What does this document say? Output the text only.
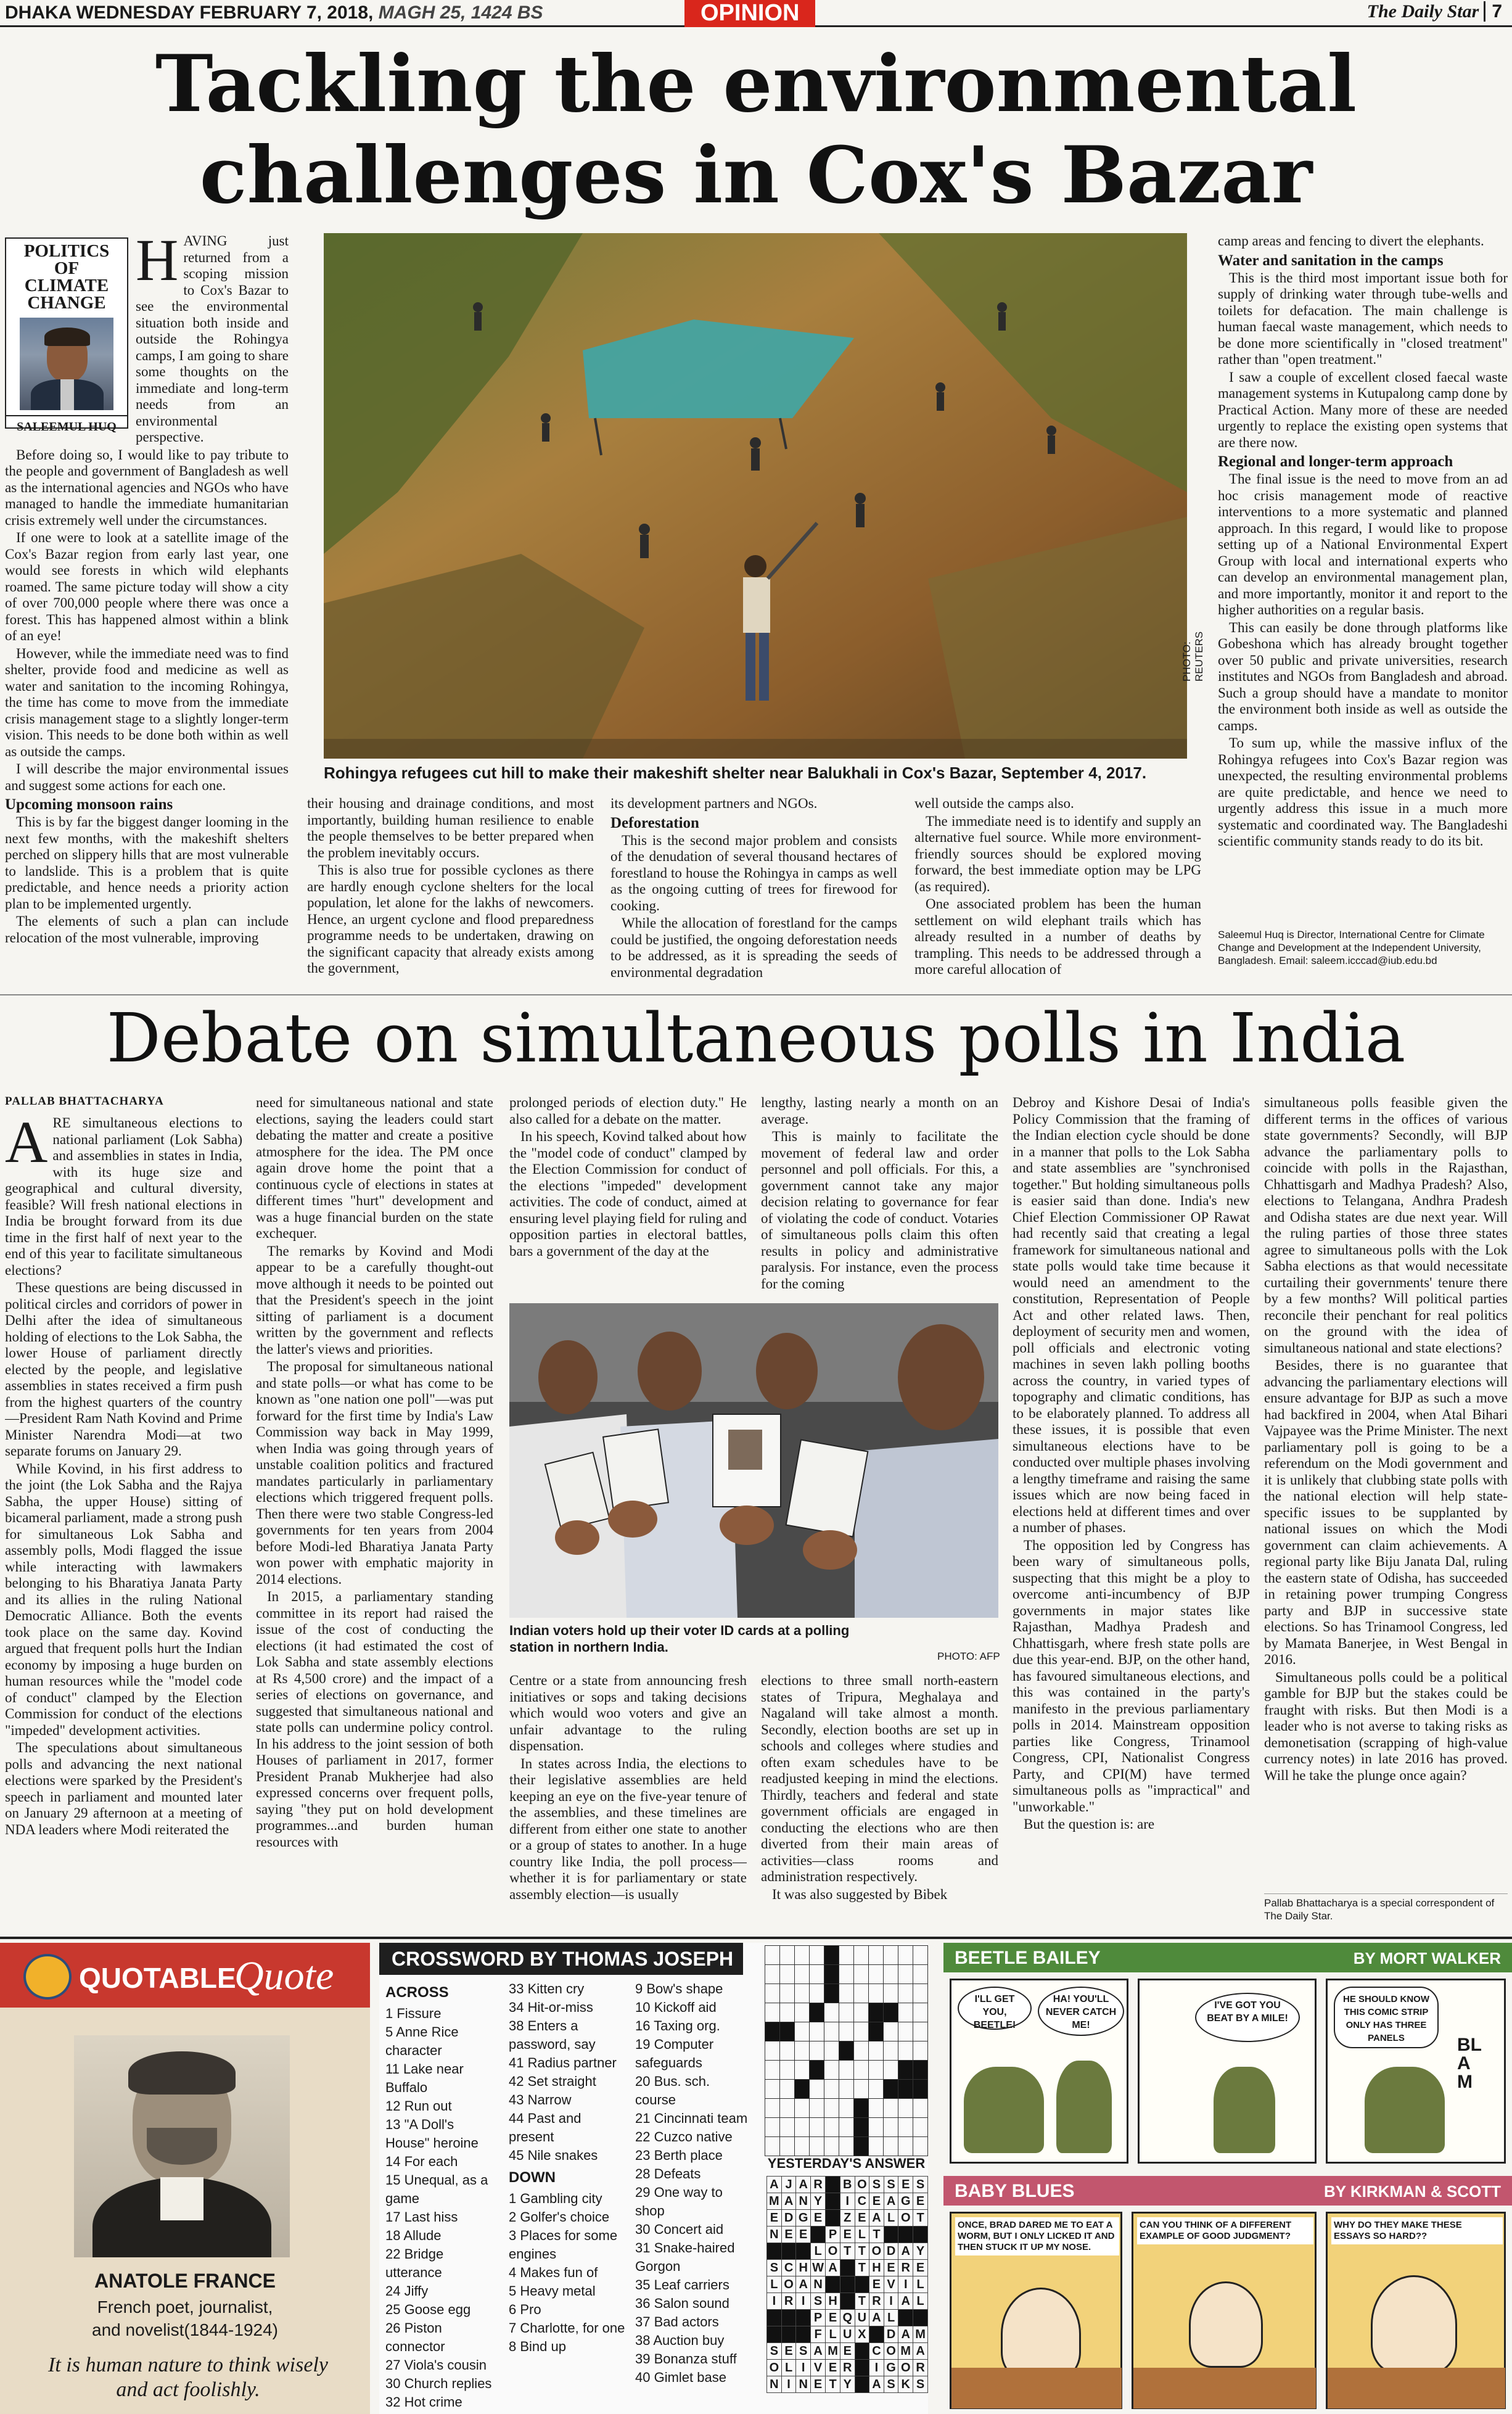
DHAKA WEDNESDAY FEBRUARY 7, 2018, MAGH 25, 1424 BS	OPINION	The Daily Star 7
Tackling the environmental challenges in Cox's Bazar
POLITICS OF CLIMATE CHANGE
SALEEMUL HUQ

HAVING just returned from a scoping mission to Cox's Bazar to see the environmental situation both inside and outside the Rohingya camps, I am going to share some thoughts on the immediate and long-term needs from an environmental perspective.

Before doing so, I would like to pay tribute to the people and government of Bangladesh as well as the international agencies and NGOs who have managed to handle the immediate humanitarian crisis extremely well under the circumstances.

If one were to look at a satellite image of the Cox's Bazar region from early last year, one would see forests in which wild elephants roamed. The same picture today will show a city of over 700,000 people where there was once a forest. This has happened almost within a blink of an eye!

However, while the immediate need was to find shelter, provide food and medicine as well as water and sanitation to the incoming Rohingya, the time has come to move from the immediate crisis management stage to a slightly longer-term vision. This needs to be done both within as well as outside the camps.

I will describe the major environmental issues and suggest some actions for each one.

Upcoming monsoon rains

This is by far the biggest danger looming in the next few months, with the makeshift shelters perched on slippery hills that are most vulnerable to landslide. This is a problem that is quite predictable, and hence needs a priority action plan to be implemented urgently.

The elements of such a plan can include relocation of the most vulnerable, improving

PHOTO: REUTERS
Rohingya refugees cut hill to make their makeshift shelter near Balukhali in Cox's Bazar, September 4, 2017.

their housing and drainage conditions, and most importantly, building human resilience to enable the people themselves to be better prepared when the problem inevitably occurs.

This is also true for possible cyclones as there are hardly enough cyclone shelters for the local population, let alone for the lakhs of newcomers. Hence, an urgent cyclone and flood preparedness programme needs to be undertaken, drawing on the significant capacity that already exists among the government,

its development partners and NGOs.

Deforestation

This is the second major problem and consists of the denudation of several thousand hectares of forestland to house the Rohingya in camps as well as the ongoing cutting of trees for firewood for cooking.

While the allocation of forestland for the camps could be justified, the ongoing deforestation needs to be addressed, as it is spreading the seeds of environmental degradation

well outside the camps also.

The immediate need is to identify and supply an alternative fuel source. While more environment-friendly sources should be explored moving forward, the best immediate option may be LPG (as required).

One associated problem has been the human settlement on wild elephant trails which has already resulted in a number of deaths by trampling. This needs to be addressed through a more careful allocation of

camp areas and fencing to divert the elephants.

Water and sanitation in the camps

This is the third most important issue both for supply of drinking water through tube-wells and toilets for defacation. The main challenge is human faecal waste management, which needs to be done more scientifically in "closed treatment" rather than "open treatment."

I saw a couple of excellent closed faecal waste management systems in Kutupalong camp done by Practical Action. Many more of these are needed urgently to replace the existing open systems that are there now.

Regional and longer-term approach

The final issue is the need to move from an ad hoc crisis management mode of reactive interventions to a more systematic and planned approach. In this regard, I would like to propose setting up of a National Environmental Expert Group with local and international experts who can develop an environmental management plan, and more importantly, monitor it and report to the higher authorities on a regular basis.

This can easily be done through platforms like Gobeshona which has already brought together over 50 public and private universities, research institutes and NGOs from Bangladesh and abroad. Such a group should have a mandate to monitor the environment both inside as well as outside the camps.

To sum up, while the massive influx of the Rohingya refugees into Cox's Bazar region was unexpected, the resulting environmental problems are quite predictable, and hence we need to urgently address this issue in a much more systematic and coordinated way. The Bangladeshi scientific community stands ready to do its bit.

Saleemul Huq is Director, International Centre for Climate Change and Development at the Independent University, Bangladesh. Email: saleem.icccad@iub.edu.bd
Debate on simultaneous polls in India
PALLAB BHATTACHARYA

ARE simultaneous elections to national parliament (Lok Sabha) and assemblies in states in India, with its huge size and geographical and cultural diversity, feasible? Will fresh national elections in India be brought forward from its due time in the first half of next year to the end of this year to facilitate simultaneous elections?

These questions are being discussed in political circles and corridors of power in Delhi after the idea of simultaneous holding of elections to the Lok Sabha, the lower House of parliament directly elected by the people, and legislative assemblies in states received a firm push from the highest quarters of the country—President Ram Nath Kovind and Prime Minister Narendra Modi—at two separate forums on January 29.

While Kovind, in his first address to the joint (the Lok Sabha and the Rajya Sabha, the upper House) sitting of bicameral parliament, made a strong push for simultaneous Lok Sabha and assembly polls, Modi flagged the issue while interacting with lawmakers belonging to his Bharatiya Janata Party and its allies in the ruling National Democratic Alliance. Both the events took place on the same day. Kovind argued that frequent polls hurt the Indian economy by imposing a huge burden on human resources while the "model code of conduct" clamped by the Election Commission for conduct of the elections "impeded" development activities.

The speculations about simultaneous polls and advancing the next national elections were sparked by the President's speech in parliament and mounted later on January 29 afternoon at a meeting of NDA leaders where Modi reiterated the

need for simultaneous national and state elections, saying the leaders could start debating the matter and create a positive atmosphere for the idea. The PM once again drove home the point that a continuous cycle of elections in states at different times "hurt" development and was a huge financial burden on the state exchequer.

The remarks by Kovind and Modi appear to be a carefully thought-out move although it needs to be pointed out that the President's speech in the joint sitting of parliament is a document written by the government and reflects the latter's views and priorities.

The proposal for simultaneous national and state polls—or what has come to be known as "one nation one poll"—was put forward for the first time by India's Law Commission way back in May 1999, when India was going through years of unstable coalition politics and fractured mandates particularly in parliamentary elections which triggered frequent polls. Then there were two stable Congress-led governments for ten years from 2004 before Modi-led Bharatiya Janata Party won power with emphatic majority in 2014 elections.

In 2015, a parliamentary standing committee in its report had raised the issue of the cost of conducting the elections (it had estimated the cost of Lok Sabha and state assembly elections at Rs 4,500 crore) and the impact of a series of elections on governance, and suggested that simultaneous national and state polls can undermine policy control. In his address to the joint session of both Houses of parliament in 2017, former President Pranab Mukherjee had also expressed concerns over frequent polls, saying "they put on hold development programmes...and burden human resources with

prolonged periods of election duty." He also called for a debate on the matter.

In his speech, Kovind talked about how the "model code of conduct" clamped by the Election Commission for conduct of the elections "impeded" development activities. The code of conduct, aimed at ensuring level playing field for ruling and opposition parties in electoral battles, bars a government of the day at the

lengthy, lasting nearly a month on an average.

This is mainly to facilitate the movement of federal law and order personnel and poll officials. For this, a government cannot take any major decision relating to governance for fear of violating the code of conduct. Votaries of simultaneous polls claim this often results in policy and administrative paralysis. For instance, even the process for the coming

Indian voters hold up their voter ID cards at a polling station in northern India.
PHOTO: AFP

Centre or a state from announcing fresh initiatives or sops and taking decisions which would woo voters and give an unfair advantage to the ruling dispensation.

In states across India, the elections to their legislative assemblies are held keeping an eye on the five-year tenure of the assemblies, and these timelines are different from either one state to another or a group of states to another. In a huge country like India, the poll process—whether it is for parliamentary or state assembly election—is usually

elections to three small north-eastern states of Tripura, Meghalaya and Nagaland will take almost a month. Secondly, election booths are set up in schools and colleges where studies and often exam schedules have to be readjusted keeping in mind the elections. Thirdly, teachers and federal and state government officials are engaged in conducting the elections who are then diverted from their main areas of activities—class rooms and administration respectively.

It was also suggested by Bibek

Debroy and Kishore Desai of India's Policy Commission that the framing of the Indian election cycle should be done in a manner that polls to the Lok Sabha and state assemblies are "synchronised together." But holding simultaneous polls is easier said than done. India's new Chief Election Commissioner OP Rawat had recently said that creating a legal framework for simultaneous national and state polls would take time because it would need an amendment to the constitution, Representation of People Act and other related laws. Then, deployment of security men and women, poll officials and electronic voting machines in seven lakh polling booths across the country, in varied types of topography and climatic conditions, has to be elaborately planned. To address all these issues, it is possible that even simultaneous elections have to be conducted over multiple phases involving a lengthy timeframe and raising the same issues which are now being faced in elections held at different times and over a number of phases.

The opposition led by Congress has been wary of simultaneous polls, suspecting that this might be a ploy to overcome anti-incumbency of BJP governments in major states like Rajasthan, Madhya Pradesh and Chhattisgarh, where fresh state polls are due this year-end. BJP, on the other hand, has favoured simultaneous elections, and this was contained in the party's manifesto in the previous parliamentary polls in 2014. Mainstream opposition parties like Congress, Trinamool Congress, CPI, Nationalist Congress Party, and CPI(M) have termed simultaneous polls as "impractical" and "unworkable."

But the question is: are

simultaneous polls feasible given the different terms in the offices of various state governments? Secondly, will BJP advance the parliamentary polls to coincide with polls in the Rajasthan, Chhattisgarh and Madhya Pradesh? Also, elections to Telangana, Andhra Pradesh and Odisha states are due next year. Will the ruling parties of those three states agree to simultaneous polls with the Lok Sabha elections as that would necessitate curtailing their governments' tenure there by a few months? Will political parties reconcile their penchant for real politics on the ground with the idea of simultaneous national and state elections?

Besides, there is no guarantee that advancing the parliamentary elections will ensure advantage for BJP as such a move had backfired in 2004, when Atal Bihari Vajpayee was the Prime Minister. The next parliamentary poll is going to be a referendum on the Modi government and it is unlikely that clubbing state polls with the national election will help state-specific issues to be supplanted by national issues on which the Modi government can claim achievements. A regional party like Biju Janata Dal, ruling the eastern state of Odisha, has succeeded in retaining power trumping Congress party and BJP in successive state elections. So has Trinamool Congress, led by Mamata Banerjee, in West Bengal in 2016.

Simultaneous polls could be a political gamble for BJP but the stakes could be fraught with risks. But then Modi is a leader who is not averse to taking risks as demonetisation (scrapping of high-value currency notes) in late 2016 has proved. Will he take the plunge once again?

Pallab Bhattacharya is a special correspondent of The Daily Star.
QUOTABLE
Quote
ANATOLE FRANCE
French poet, journalist,
and novelist(1844-1924)
It is human nature to think wisely and act foolishly.
CROSSWORD BY THOMAS JOSEPH
ACROSS
1 Fissure
5 Anne Rice character
11 Lake near Buffalo
12 Run out
13 "A Doll's House" heroine
14 For each
15 Unequal, as a game
17 Last hiss
18 Allude
22 Bridge utterance
24 Jiffy
25 Goose egg
26 Piston connector
27 Viola's cousin
30 Church replies
32 Hot crime
33 Kitten cry
34 Hit-or-miss
38 Enters a password, say
41 Radius partner
42 Set straight
43 Narrow
44 Past and present
45 Nile snakes
DOWN
1 Gambling city
2 Golfer's choice
3 Places for some engines
4 Makes fun of
5 Heavy metal
6 Pro
7 Charlotte, for one
8 Bind up
9 Bow's shape
10 Kickoff aid
16 Taxing org.
19 Computer safeguards
20 Bus. sch. course
21 Cincinnati team
22 Cuzco native
23 Berth place
28 Defeats
29 One way to shop
30 Concert aid
31 Snake-haired Gorgon
35 Leaf carriers
36 Salon sound
37 Bad actors
38 Auction buy
39 Bonanza stuff
40 Gimlet base

YESTERDAY'S ANSWER
A	J	A	R		B	O	S	S	E	S
M	A	N	Y		I	C	E	A	G	E
E	D	G	E		Z	E	A	L	O	T
N	E	E		P	E	L	T			
			L	O	T	T	O	D	A	Y
S	C	H	W	A		T	H	E	R	E
L	O	A	N				E	V	I	L
I	R	I	S	H		T	R	I	A	L
			P	E	Q	U	A	L		
			F	L	U	X		D	A	M
S	E	S	A	M	E		C	O	M	A
O	L	I	V	E	R		I	G	O	R
N	I	N	E	T	Y		A	S	K	S
BEETLE BAILEY	BY MORT WALKER
I'LL GET YOU, BEETLE!
HA! YOU'LL NEVER CATCH ME!
I'VE GOT YOU BEAT BY A MILE!
HE SHOULD KNOW THIS COMIC STRIP ONLY HAS THREE PANELS	BLAM
BABY BLUES	BY KIRKMAN & SCOTT
ONCE, BRAD DARED ME TO EAT A WORM, BUT I ONLY LICKED IT AND THEN STUCK IT UP MY NOSE.
CAN YOU THINK OF A DIFFERENT EXAMPLE OF GOOD JUDGMENT?
WHY DO THEY MAKE THESE ESSAYS SO HARD??
